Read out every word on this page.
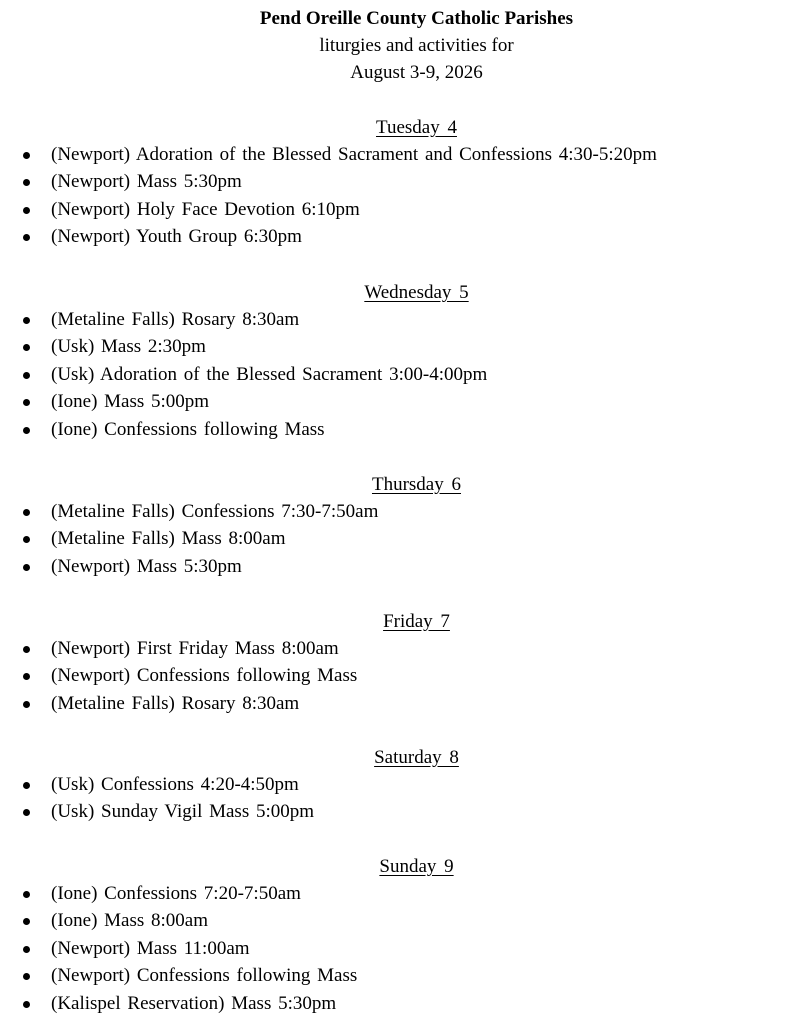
Pend Oreille County Catholic Parishes
liturgies and activities for
August 3-9, 2026
Tuesday 4
(Newport) Adoration of the Blessed Sacrament and Confessions 4:30-5:20pm
(Newport) Mass 5:30pm
(Newport) Holy Face Devotion 6:10pm
(Newport) Youth Group 6:30pm
Wednesday 5
(Metaline Falls) Rosary 8:30am
(Usk) Mass 2:30pm
(Usk) Adoration of the Blessed Sacrament 3:00-4:00pm
(Ione) Mass 5:00pm
(Ione) Confessions following Mass
Thursday 6
(Metaline Falls) Confessions 7:30-7:50am
(Metaline Falls) Mass 8:00am
(Newport) Mass 5:30pm
Friday 7
(Newport) First Friday Mass 8:00am
(Newport) Confessions following Mass
(Metaline Falls) Rosary 8:30am
Saturday 8
(Usk) Confessions 4:20-4:50pm
(Usk) Sunday Vigil Mass 5:00pm
Sunday 9
(Ione) Confessions 7:20-7:50am
(Ione) Mass 8:00am
(Newport) Mass 11:00am
(Newport) Confessions following Mass
(Kalispel Reservation) Mass 5:30pm
